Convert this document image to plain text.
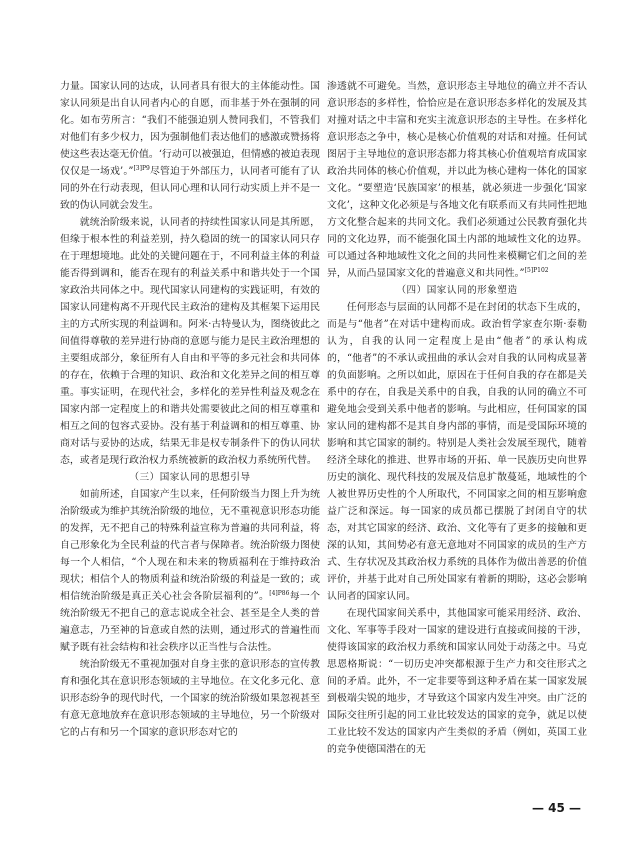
力量。国家认同的达成，认同者具有很大的主体能动性。国家认同须是出自认同者内心的自愿，而非基于外在强制的同化。如布劳所言：“我们不能强迫别人赞同我们，不管我们对他们有多少权力，因为强制他们表达他们的感激或赞扬将使这些表达毫无价值。‘行动可以被强迫，但情感的被迫表现仅仅是一场戏’。”$^{[3]P9}$尽管迫于外部压力，认同者可能有了认同的外在行动表现，但认同心理和认同行动实质上并不是一致的伪认同就会发生。

就统治阶级来说，认同者的持续性国家认同是其所愿，但缘于根本性的利益差别，持久稳固的统一的国家认同只存在于理想境地。此处的关键问题在于，不同利益主体的利益能否得到调和，能否在现有的利益关系中和谐共处于一个国家政治共同体之中。现代国家认同建构的实践证明，有效的国家认同建构离不开现代民主政治的建构及其框架下运用民主的方式所实现的利益调和。阿米·古特曼认为，图绕彼此之间值得尊敬的差异进行协商的意愿与能力是民主政治理想的主要组成部分，象征所有人自由和平等的多元社会和共同体的存在，依赖于合理的知识、政治和文化差异之间的相互尊重。事实证明，在现代社会，多样化的差异性利益及观念在国家内部一定程度上的和谐共处需要彼此之间的相互尊重和相互之间的包容式妥协。没有基于利益调和的相互尊重、协商对话与妥协的达成，结果无非是权专制条件下的伪认同状态，或者是现行政治权力系统被新的政治权力系统所代替。

（三）国家认同的思想引导

如前所述，自国家产生以来，任何阶级当力图上升为统治阶级或为维护其统治阶级的地位，无不重视意识形态功能的发挥，无不把自己的特殊利益宣称为普遍的共同利益，将自己形象化为全民利益的代言者与保障者。统治阶级力图使每一个人相信，“个人现在和未来的物质福利在于维持政治现状；相信个人的物质利益和统治阶级的利益是一致的；或相信统治阶级是真正关心社会各阶层福利的”。$^{[4]P86}$每一个统治阶级无不把自己的意志说成全社会、甚至是全人类的普遍意志，乃至神的旨意或自然的法则，通过形式的普遍性而赋予既有社会结构和社会秩序以正当性与合法性。

统治阶级无不重视加强对自身主张的意识形态的宣传教育和强化其在意识形态领域的主导地位。在文化多元化、意识形态纷争的现代时代，一个国家的统治阶级如果忽视甚至有意无意地放弃在意识形态领域的主导地位，另一个阶级对它的占有和另一个国家的意识形态对它的

渗透就不可避免。当然，意识形态主导地位的确立并不否认意识形态的多样性，恰恰应是在意识形态多样化的发展及其对撞对话之中丰富和充实主流意识形态的主导性。在多样化意识形态之争中，核心是核心价值观的对话和对撞。任何试图居于主导地位的意识形态都力将其核心价值观培育成国家政治共同体的核心价值观，并以此为核心建构一体化的国家文化。“要塑造‘民族国家’的根基，就必须进一步强化‘国家文化’，这种文化必须是与各地文化有联系而又有共同性把地方文化整合起来的共同文化。我们必须通过公民教育强化共同的文化边界，而不能强化国土内部的地域性文化的边界。可以通过各种地域性文化之间的共同性来模糊它们之间的差异，从而凸显国家文化的普遍意义和共同性。”$^{[5]P102}$

（四）国家认同的形象塑造

任何形态与层面的认同都不是在封闭的状态下生成的，而是与“他者”在对话中建构而成。政治哲学家查尔斯·泰勒认为，自我的认同一定程度上是由“他者”的承认构成的，“他者”的不承认或扭曲的承认会对自我的认同构成显著的负面影响。之所以如此，原因在于任何自我的存在都是关系中的存在，自我是关系中的自我，自我的认同的确立不可避免地会受到关系中他者的影响。与此相应，任何国家的国家认同的建构都不是其自身内部的事情，而是受国际环境的影响和其它国家的制约。特别是人类社会发展至现代，随着经济全球化的推进、世界市场的开拓、单一民族历史向世界历史的演化、现代科技的发展及信息扩散蔓延，地域性的个人被世界历史性的个人所取代，不同国家之间的相互影响愈益广泛和深远。每一国家的成员都已摆脱了封闭自守的状态，对其它国家的经济、政治、文化等有了更多的接触和更深的认知，其间势必有意无意地对不同国家的成员的生产方式、生存状况及其政治权力系统的具体作为做出善恶的价值评价，并基于此对自己所处国家有着新的期盼，这必会影响认同者的国家认同。

在现代国家间关系中，其他国家可能采用经济、政治、文化、军事等手段对一国家的建设进行直接或间接的干涉，使得该国家的政治权力系统和国家认同处于动荡之中。马克思恩格斯说：“一切历史冲突都根源于生产力和交往形式之间的矛盾。此外，不一定非要等到这种矛盾在某一国家发展到极端尖锐的地步，才导致这个国家内发生冲突。由广泛的国际交往所引起的同工业比较发达的国家的竞争，就足以使工业比较不发达的国家内产生类似的矛盾（例如，英国工业的竞争使德国潜在的无

— 45 —
